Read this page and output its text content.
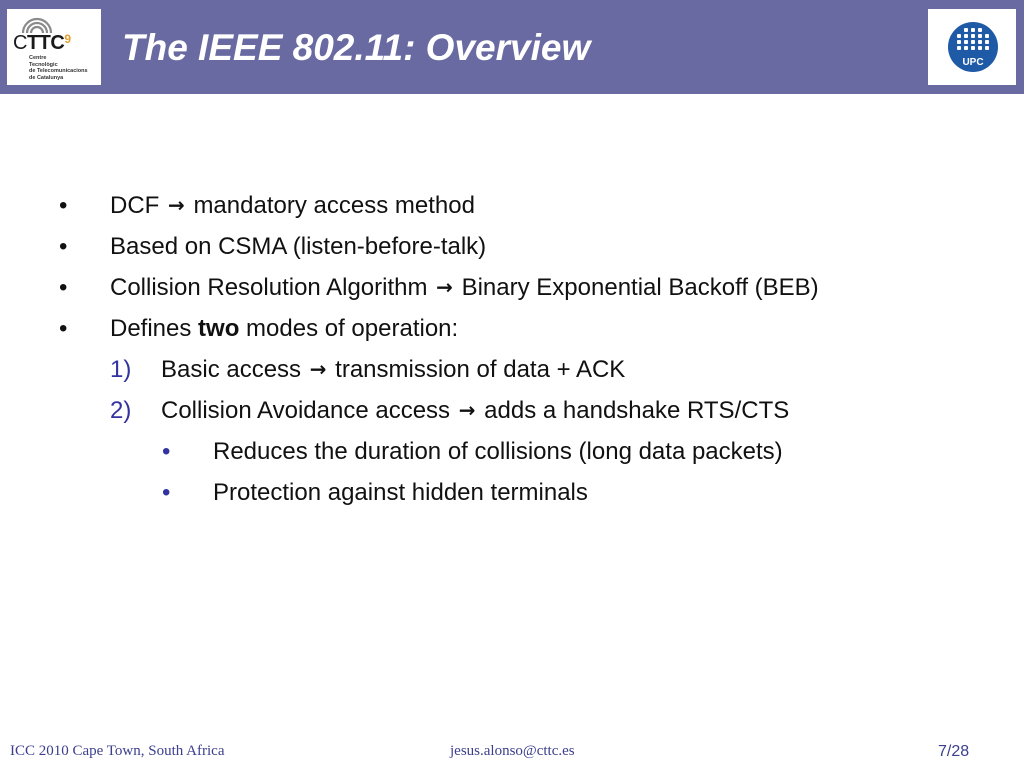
CTTC$^9$
Centre
Tecnològic
de Telecomunicacions
de Catalunya
The IEEE 802.11: Overview	UPC
• DCF → mandatory access method
• Based on CSMA (listen-before-talk)
• Collision Resolution Algorithm → Binary Exponential Backoff (BEB)
• Defines two modes of operation:
1) Basic access → transmission of data + ACK
2) Collision Avoidance access → adds a handshake RTS/CTS
• Reduces the duration of collisions (long data packets)
• Protection against hidden terminals
ICC 2010 Cape Town, South Africa	jesus.alonso@cttc.es	7/28
